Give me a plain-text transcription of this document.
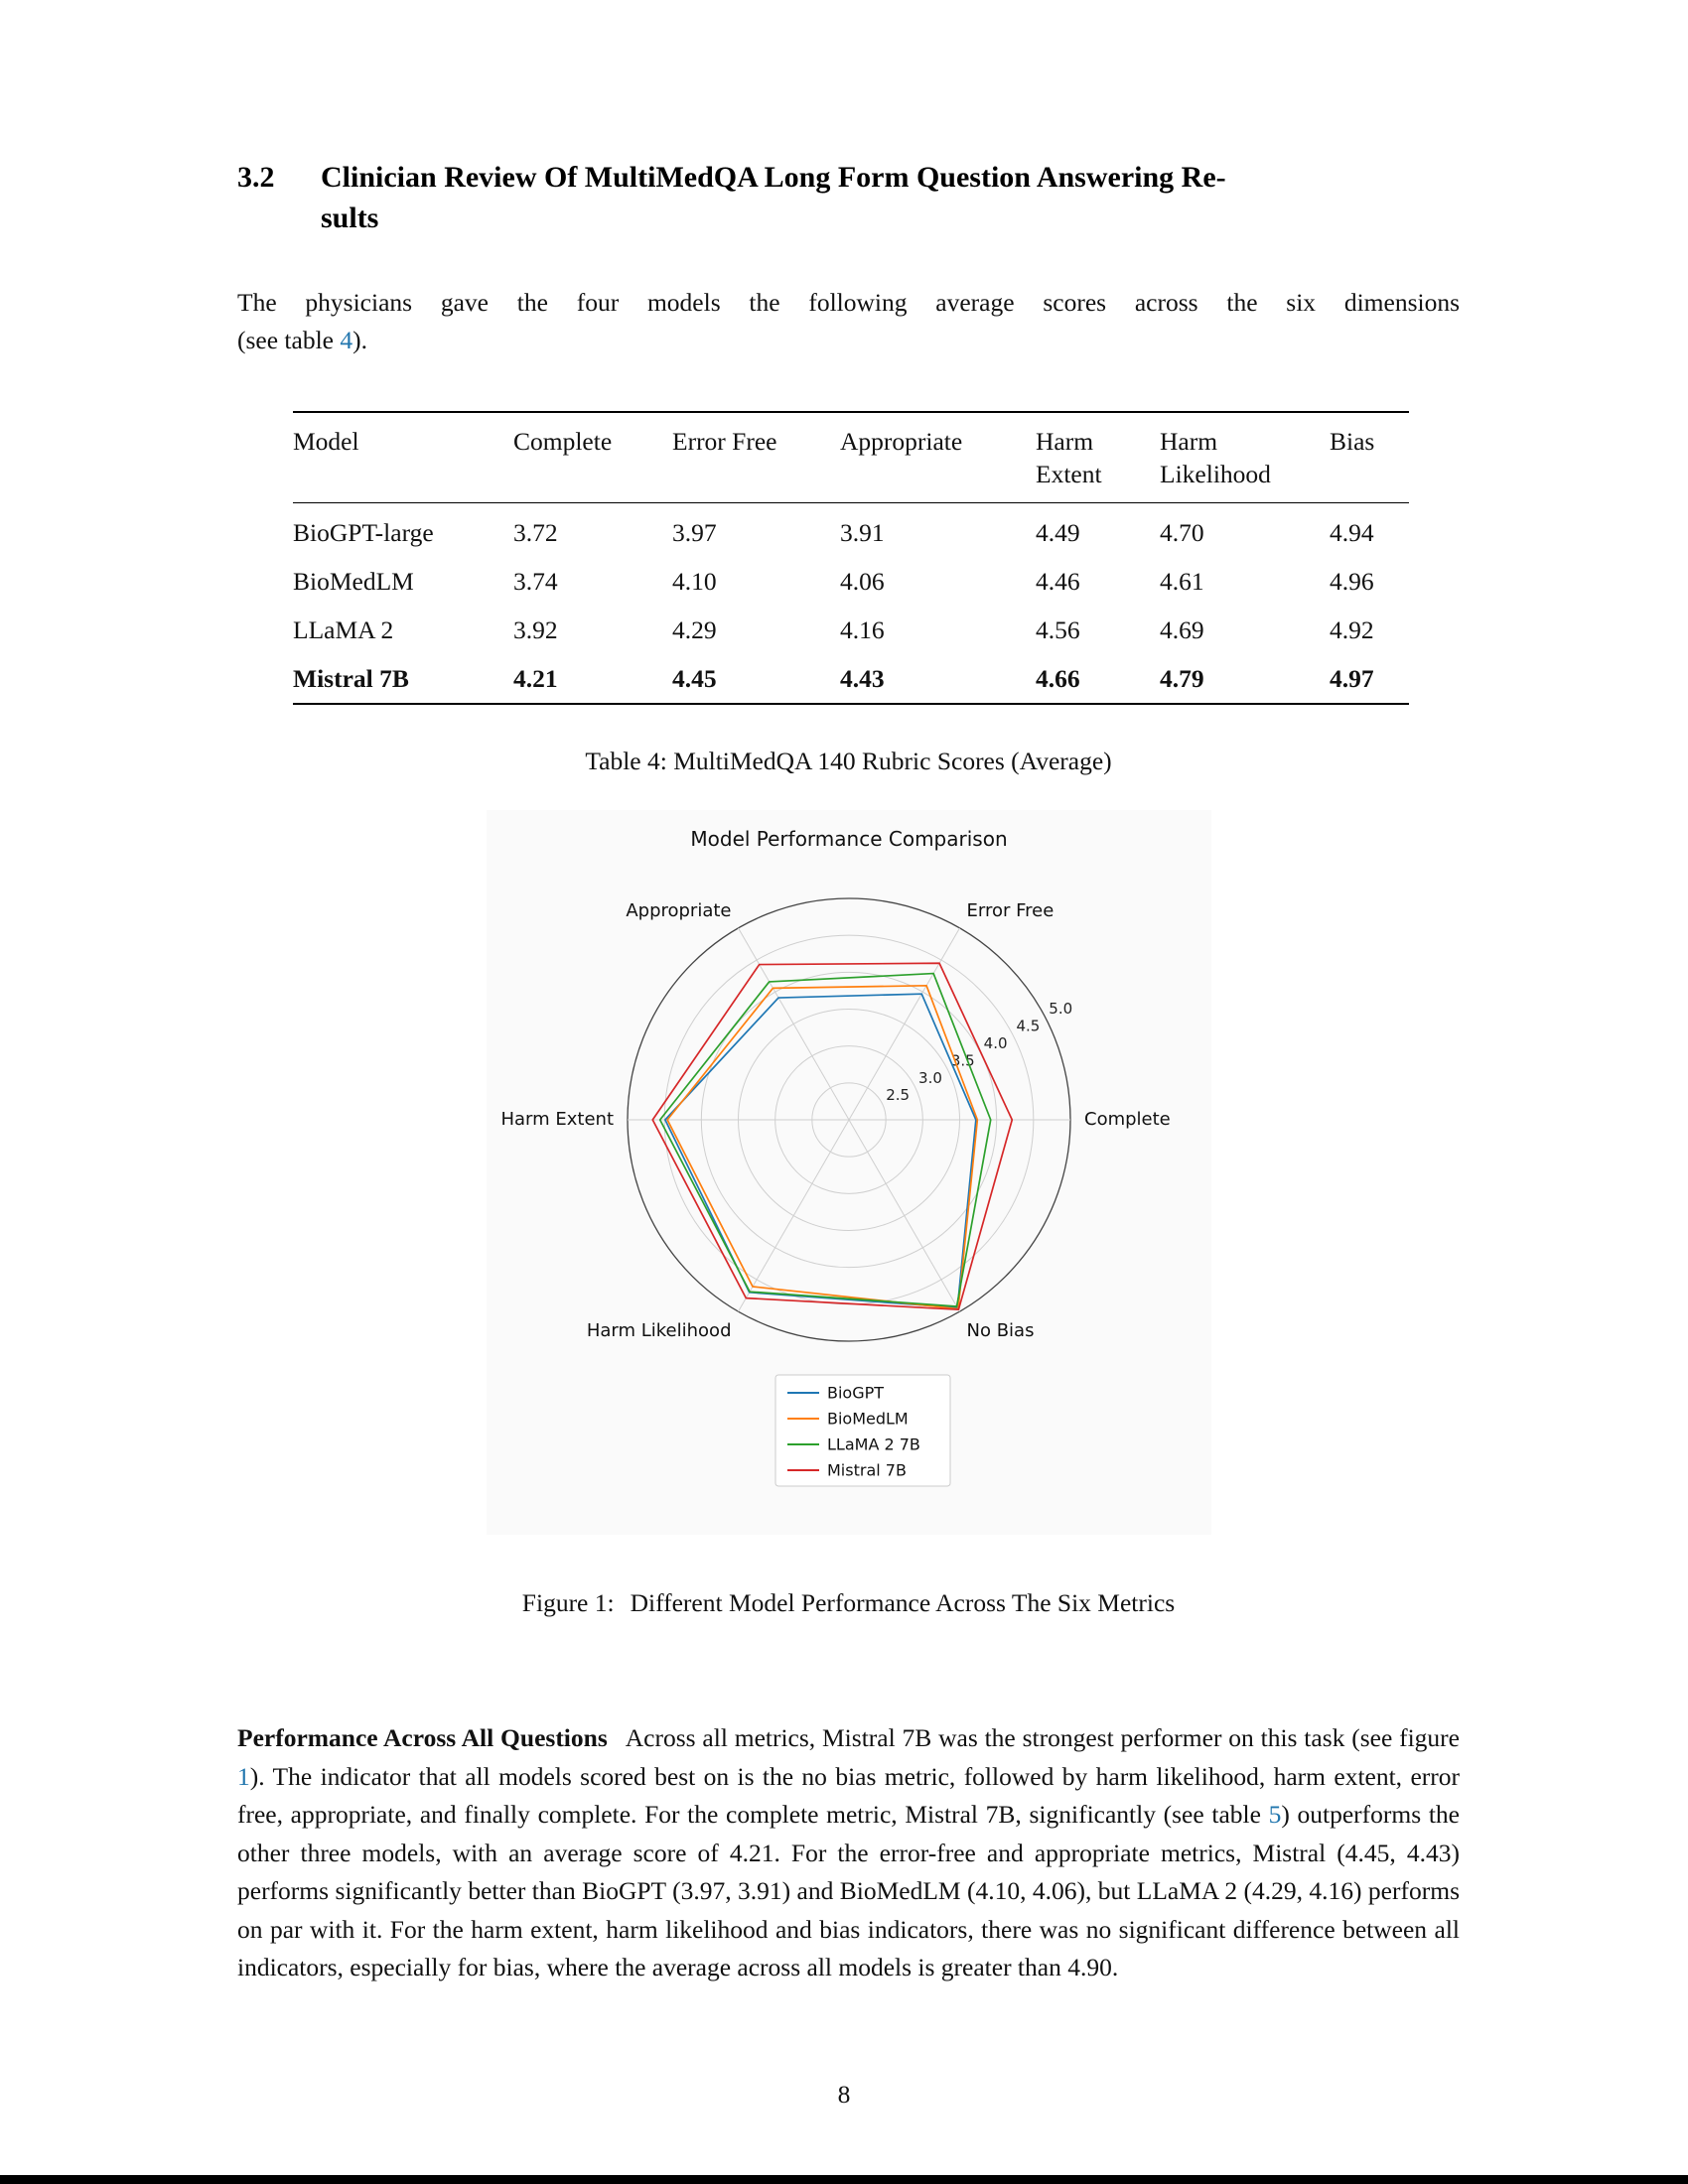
3.2	Clinician Review Of MultiMedQA Long Form Question Answering Re-
sults

The physicians gave the four models the following average scores across the six dimensions
(see table 4).

Model	Complete	Error Free	Appropriate	Harm Extent	Harm Likelihood	Bias
BioGPT-large	3.72	3.97	3.91	4.49	4.70	4.94
BioMedLM	3.74	4.10	4.06	4.46	4.61	4.96
LLaMA 2	3.92	4.29	4.16	4.56	4.69	4.92
Mistral 7B	4.21	4.45	4.43	4.66	4.79	4.97
Table 4: MultiMedQA 140 Rubric Scores (Average)
Model Performance Comparison
2.5
3.0
3.5
4.0
4.5
5.0
Complete
Error Free
Appropriate
Harm Extent
Harm Likelihood	No Bias
BioGPT
BioMedLM
LLaMA 2 7B
Mistral 7B
Figure 1: Different Model Performance Across The Six Metrics

Performance Across All Questions Across all metrics, Mistral 7B was the strongest performer on this task (see figure 1). The indicator that all models scored best on is the no bias metric, followed by harm likelihood, harm extent, error free, appropriate, and finally complete. For the complete metric, Mistral 7B, significantly (see table 5) outperforms the other three models, with an average score of 4.21. For the error-free and appropriate metrics, Mistral (4.45, 4.43) performs significantly better than BioGPT (3.97, 3.91) and BioMedLM (4.10, 4.06), but LLaMA 2 (4.29, 4.16) performs on par with it. For the harm extent, harm likelihood and bias indicators, there was no significant difference between all indicators, especially for bias, where the average across all models is greater than 4.90.

8
